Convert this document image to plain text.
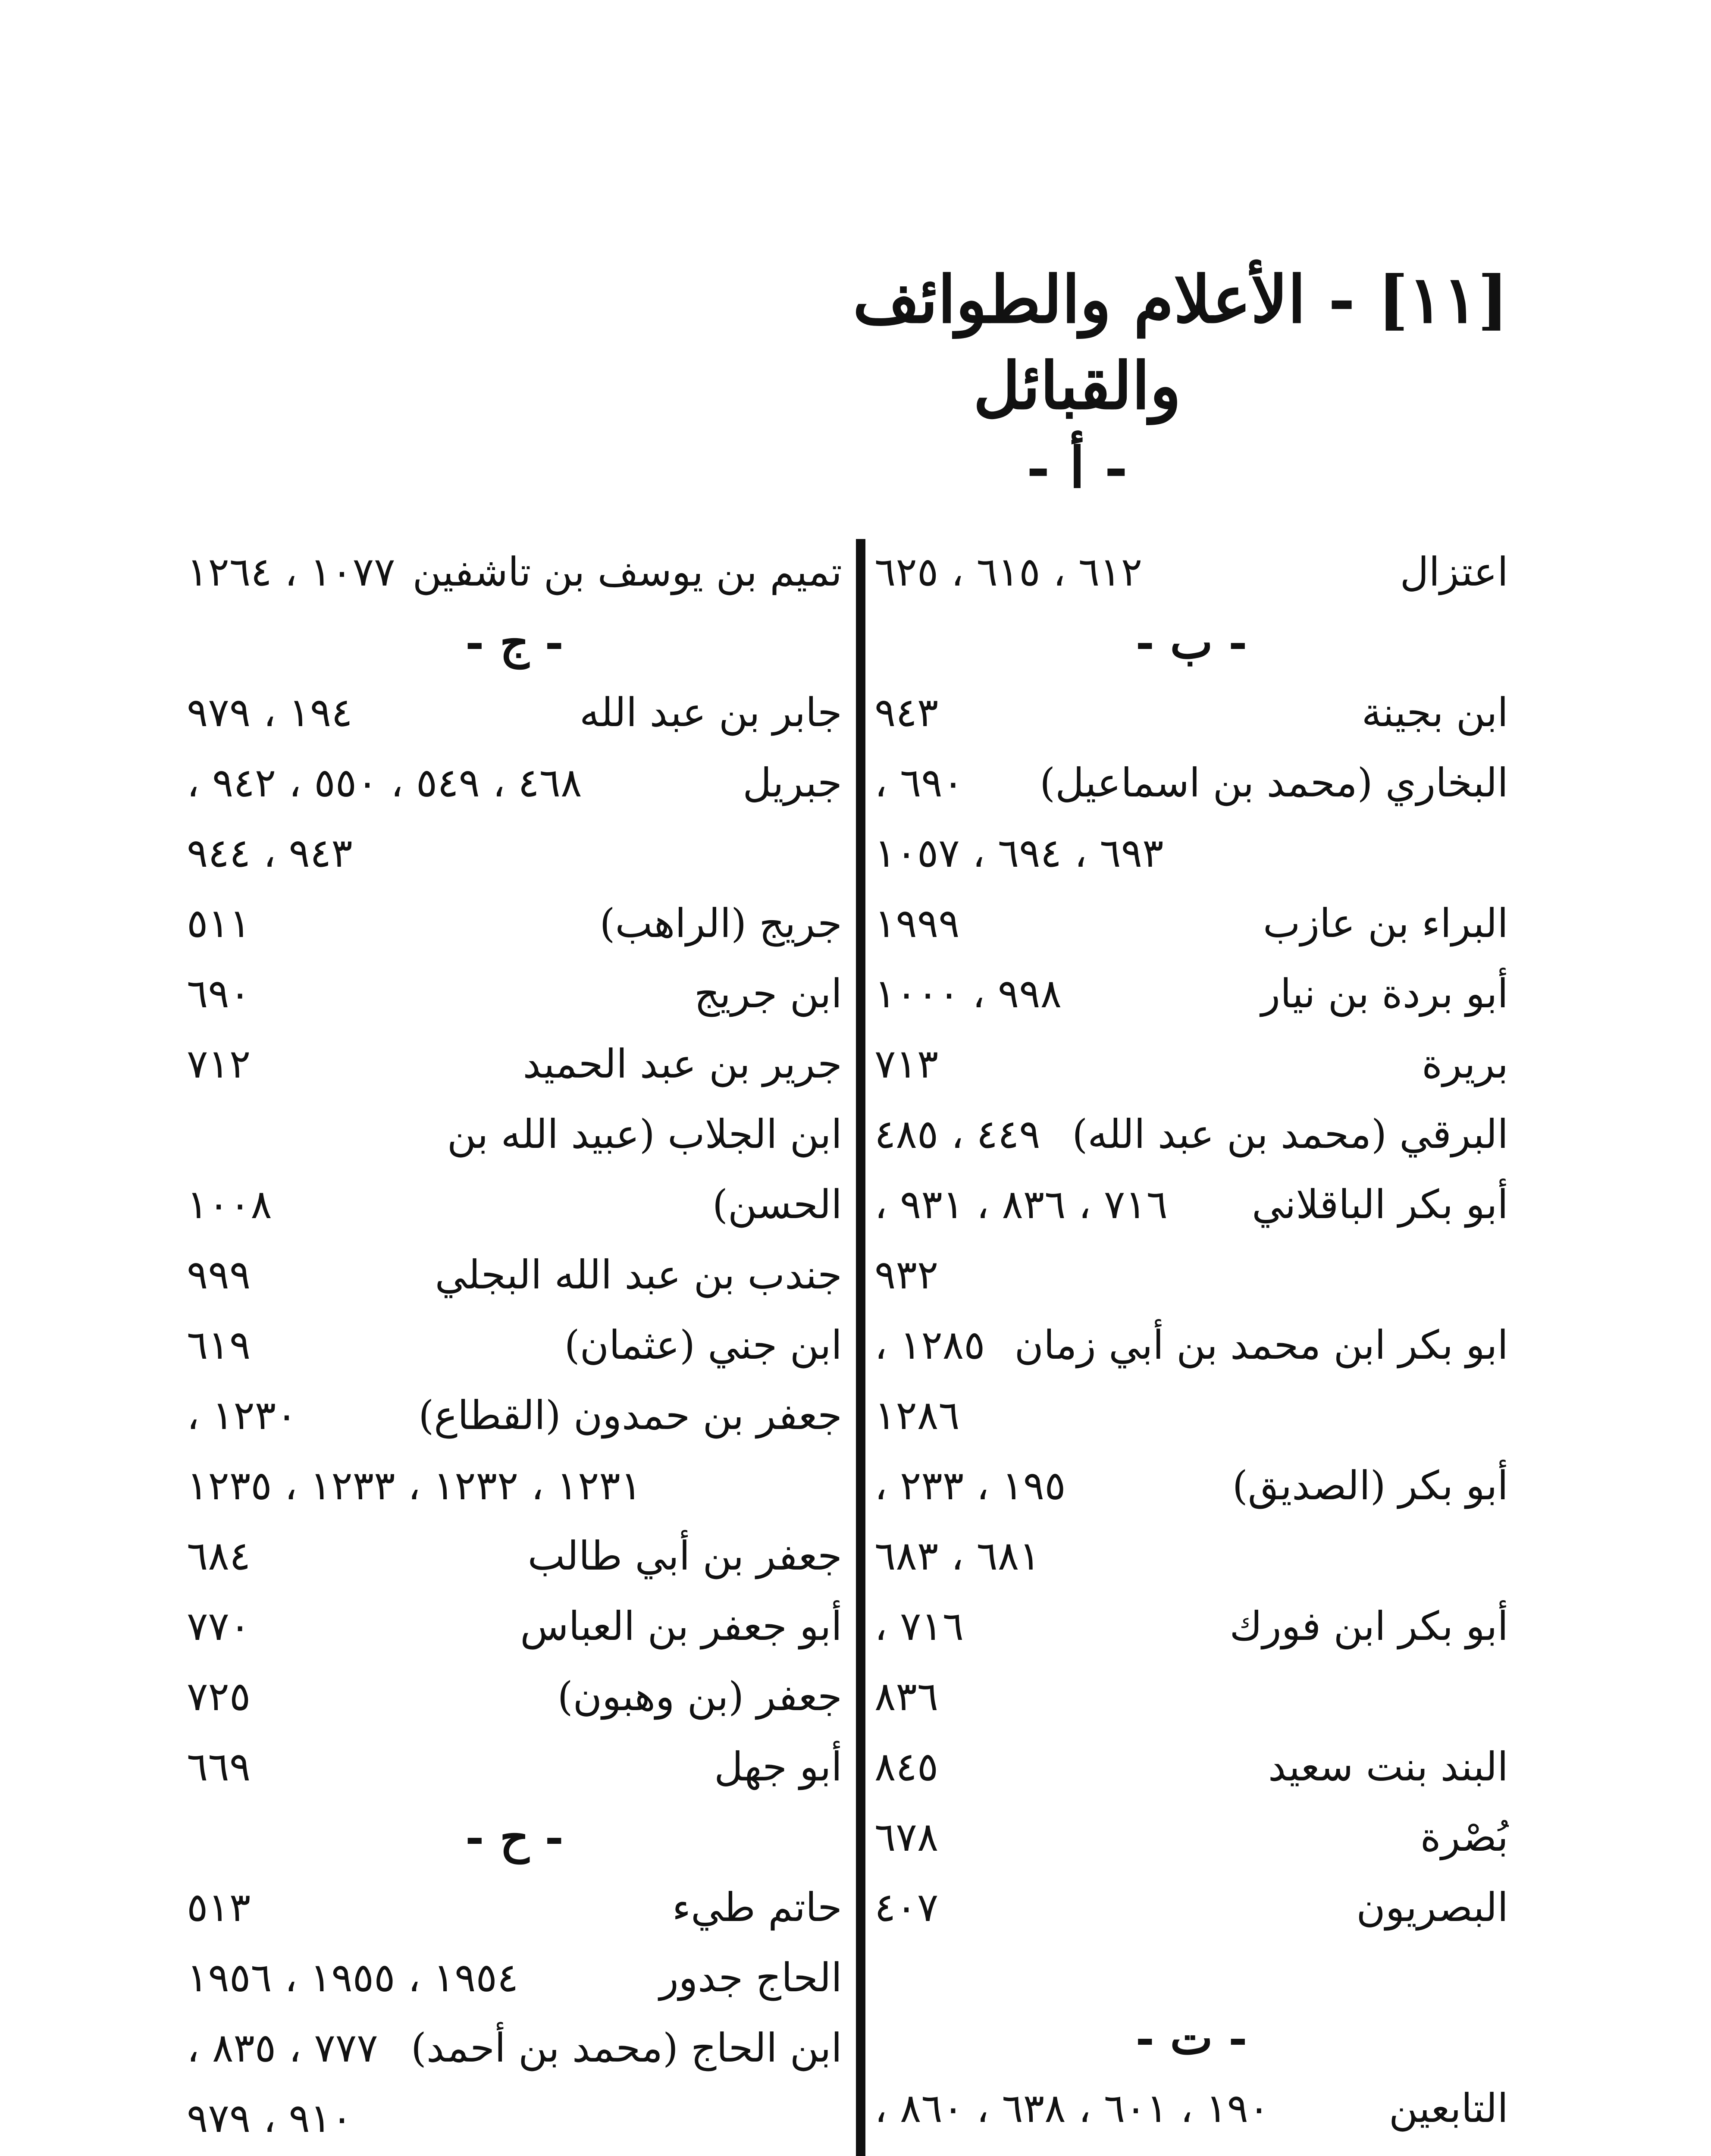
[١١] - الأعلام والطوائف
والقبائل
- أ -
اعتزال
٦١٢ ، ٦١٥ ، ٦٢٥
- ب -
ابن بجينة
٩٤٣
البخاري (محمد بن اسماعيل)
٦٩٠ ،
٦٩٣ ، ٦٩٤ ، ١٠٥٧
البراء بن عازب
١٩٩٩
أبو بردة بن نيار
٩٩٨ ، ١٠٠٠
بريرة
٧١٣
البرقي (محمد بن عبد الله)
٤٤٩ ، ٤٨٥
أبو بكر الباقلاني
٧١٦ ، ٨٣٦ ، ٩٣١ ،
٩٣٢
ابو بكر ابن محمد بن أبي زمان
١٢٨٥ ،
١٢٨٦
أبو بكر (الصديق)
١٩٥ ، ٢٣٣ ،
٦٨١ ، ٦٨٣
أبو بكر ابن فورك
٧١٦ ،
٨٣٦
البند بنت سعيد
٨٤٥
بُصْرة
٦٧٨
البصريون
٤٠٧
- ت -
التابعين
١٩٠ ، ٦٠١ ، ٦٣٨ ، ٨٦٠ ،
تميم بن يوسف بن تاشفين
١٠٧٧ ، ١٢٦٤
- ج -
جابر بن عبد الله
١٩٤ ، ٩٧٩
جبريل
٤٦٨ ، ٥٤٩ ، ٥٥٠ ، ٩٤٢ ،
٩٤٣ ، ٩٤٤
جريج (الراهب)
٥١١
ابن جريج
٦٩٠
جرير بن عبد الحميد
٧١٢
ابن الجلاب (عبيد الله بن
الحسن)
١٠٠٨
جندب بن عبد الله البجلي
٩٩٩
ابن جني (عثمان)
٦١٩
جعفر بن حمدون (القطاع)
١٢٣٠ ،
١٢٣١ ، ١٢٣٢ ، ١٢٣٣ ، ١٢٣٥
جعفر بن أبي طالب
٦٨٤
أبو جعفر بن العباس
٧٧٠
جعفر (بن وهبون)
٧٢٥
أبو جهل
٦٦٩
- ح -
حاتم طيء
٥١٣
الحاج جدور
١٩٥٤ ، ١٩٥٥ ، ١٩٥٦
ابن الحاج (محمد بن أحمد)
٧٧٧ ، ٨٣٥ ،
٩١٠ ، ٩٧٩
